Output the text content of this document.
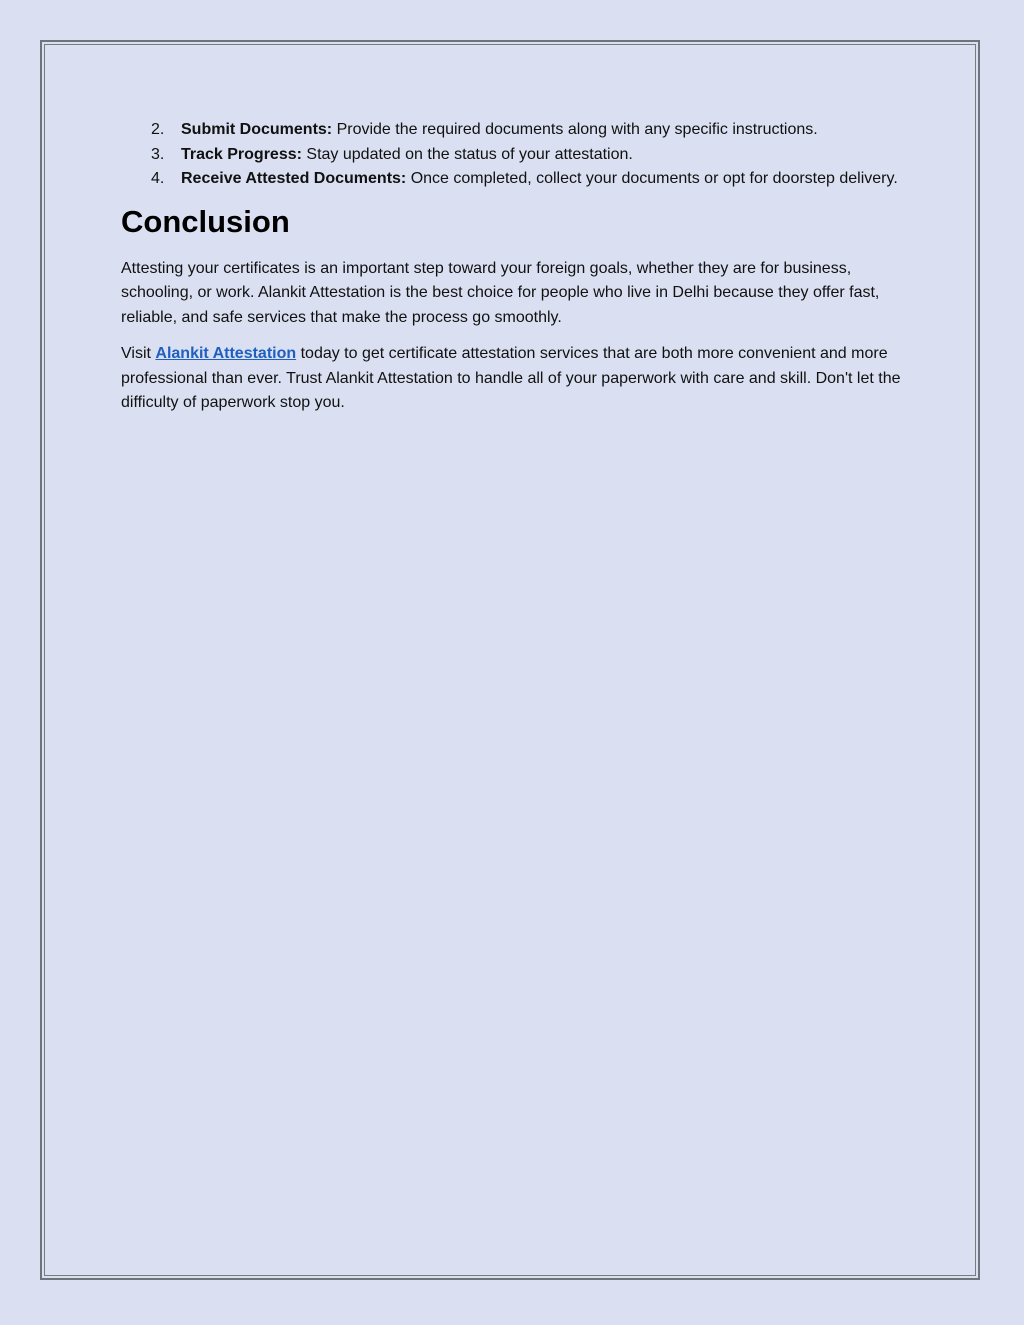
2. Submit Documents: Provide the required documents along with any specific instructions.
3. Track Progress: Stay updated on the status of your attestation.
4. Receive Attested Documents: Once completed, collect your documents or opt for doorstep delivery.
Conclusion

Attesting your certificates is an important step toward your foreign goals, whether they are for business, schooling, or work. Alankit Attestation is the best choice for people who live in Delhi because they offer fast, reliable, and safe services that make the process go smoothly.

Visit Alankit Attestation today to get certificate attestation services that are both more convenient and more professional than ever. Trust Alankit Attestation to handle all of your paperwork with care and skill. Don't let the difficulty of paperwork stop you.
